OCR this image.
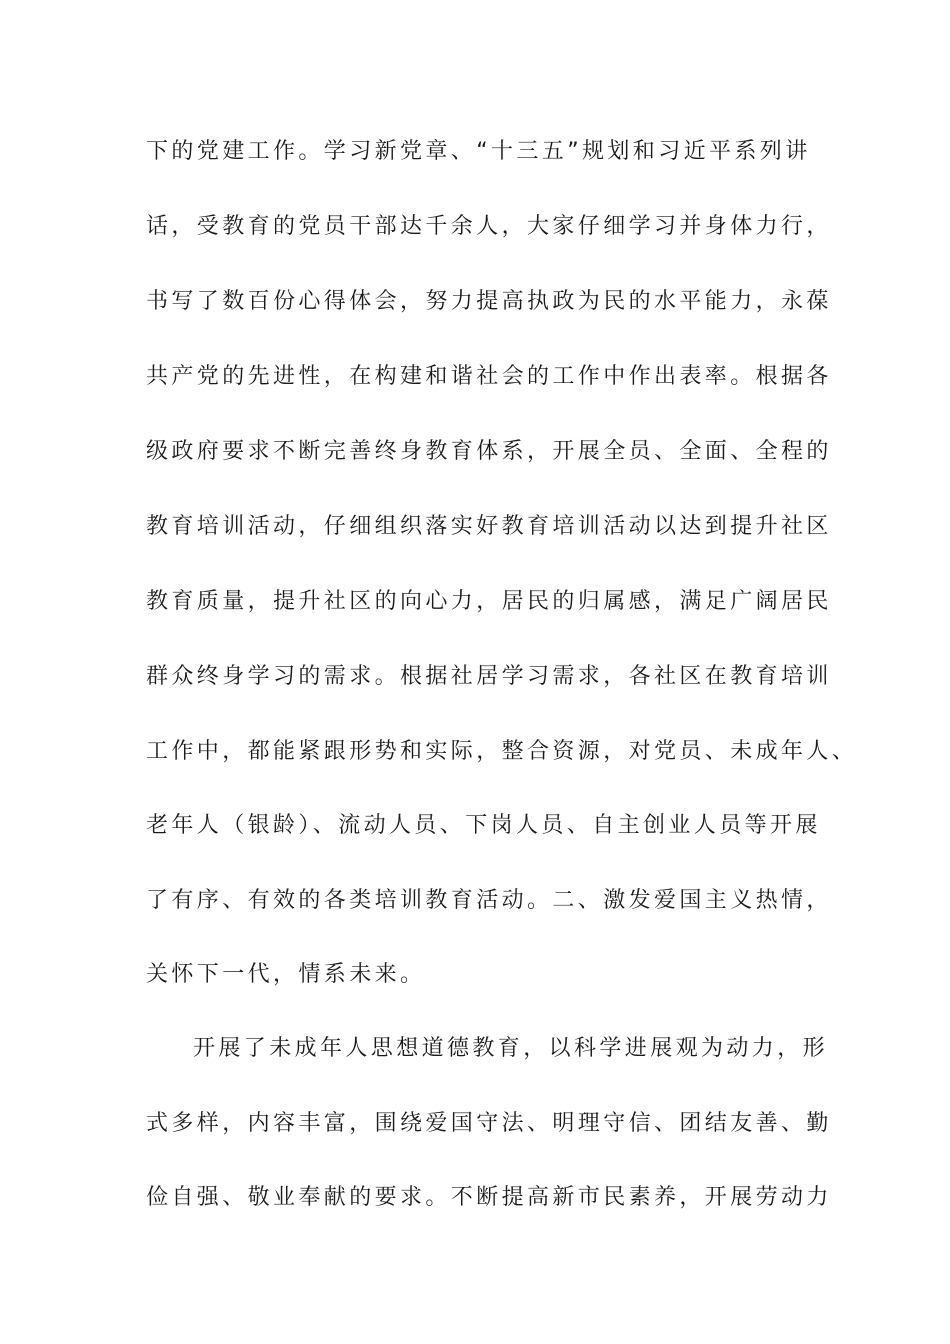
下的党建工作。学习新党章、“十三五”规划和习近平系列讲
话，受教育的党员干部达千余人，大家仔细学习并身体力行，
书写了数百份心得体会，努力提高执政为民的水平能力，永葆
共产党的先进性，在构建和谐社会的工作中作出表率。根据各
级政府要求不断完善终身教育体系，开展全员、全面、全程的
教育培训活动，仔细组织落实好教育培训活动以达到提升社区
教育质量，提升社区的向心力，居民的归属感，满足广阔居民
群众终身学习的需求。根据社居学习需求，各社区在教育培训
工作中，都能紧跟形势和实际，整合资源，对党员、未成年人、
老年人（银龄）、流动人员、下岗人员、自主创业人员等开展
了有序、有效的各类培训教育活动。二、激发爱国主义热情，
关怀下一代，情系未来。
开展了未成年人思想道德教育，以科学进展观为动力，形
式多样，内容丰富，围绕爱国守法、明理守信、团结友善、勤
俭自强、敬业奉献的要求。不断提高新市民素养，开展劳动力
